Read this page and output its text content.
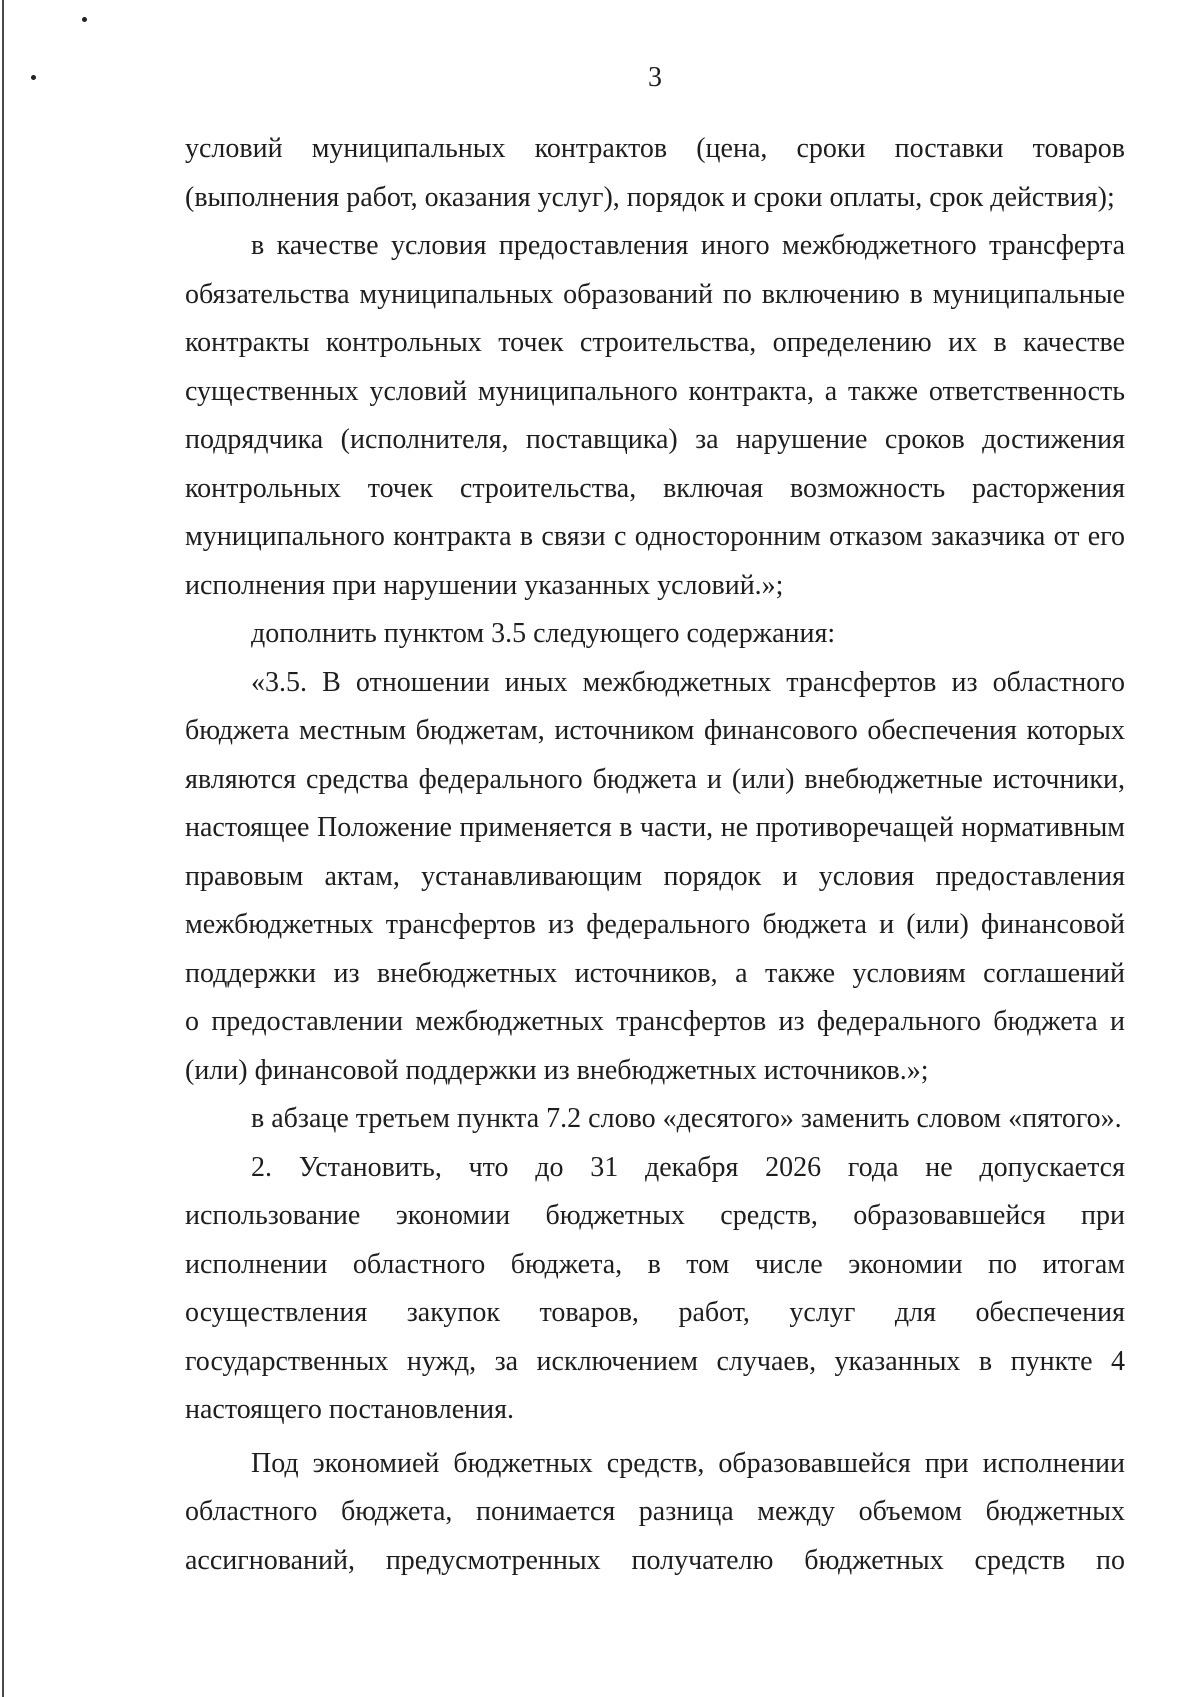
3
условий муниципальных контрактов (цена, сроки поставки товаров
(выполнения работ, оказания услуг), порядок и сроки оплаты, срок действия);
в качестве условия предоставления иного межбюджетного трансферта
обязательства муниципальных образований по включению в муниципальные
контракты контрольных точек строительства, определению их в качестве
существенных условий муниципального контракта, а также ответственность
подрядчика (исполнителя, поставщика) за нарушение сроков достижения
контрольных точек строительства, включая возможность расторжения
муниципального контракта в связи с односторонним отказом заказчика от его
исполнения при нарушении указанных условий.»;
дополнить пунктом 3.5 следующего содержания:
«3.5. В отношении иных межбюджетных трансфертов из областного
бюджета местным бюджетам, источником финансового обеспечения которых
являются средства федерального бюджета и (или) внебюджетные источники,
настоящее Положение применяется в части, не противоречащей нормативным
правовым актам, устанавливающим порядок и условия предоставления
межбюджетных трансфертов из федерального бюджета и (или) финансовой
поддержки из внебюджетных источников, а также условиям соглашений
о предоставлении межбюджетных трансфертов из федерального бюджета и
(или) финансовой поддержки из внебюджетных источников.»;
в абзаце третьем пункта 7.2 слово «десятого» заменить словом «пятого».
2. Установить, что до 31 декабря 2026 года не допускается
использование экономии бюджетных средств, образовавшейся при
исполнении областного бюджета, в том числе экономии по итогам
осуществления закупок товаров, работ, услуг для обеспечения
государственных нужд, за исключением случаев, указанных в пункте 4
настоящего постановления.
Под экономией бюджетных средств, образовавшейся при исполнении
областного бюджета, понимается разница между объемом бюджетных
ассигнований, предусмотренных получателю бюджетных средств по
